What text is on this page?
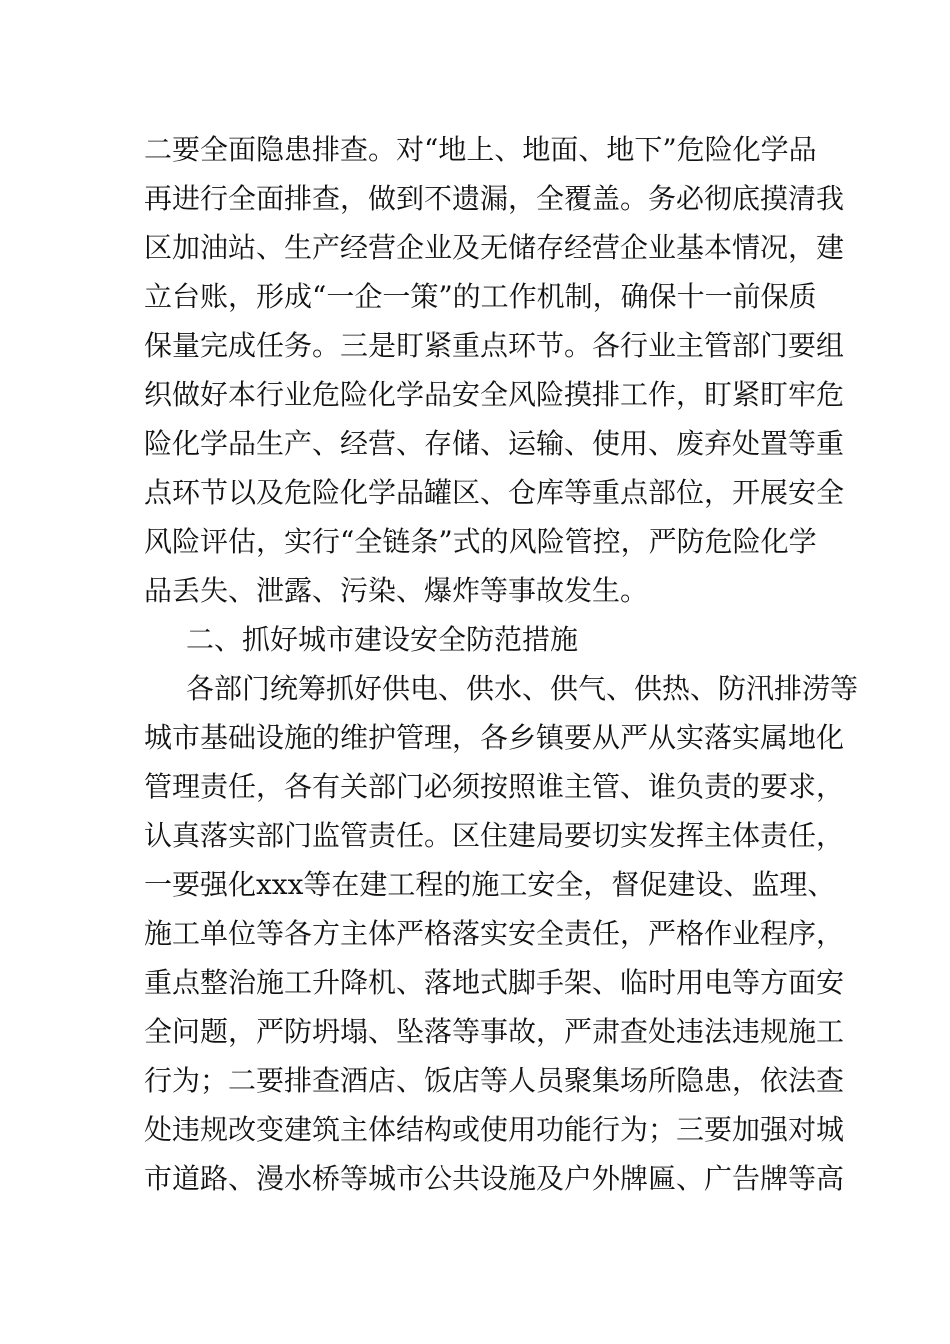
二要全面隐患排查。对“地上、地面、地下”危险化学品
再进行全面排查，做到不遗漏，全覆盖。务必彻底摸清我
区加油站、生产经营企业及无储存经营企业基本情况，建
立台账，形成“一企一策”的工作机制，确保十一前保质
保量完成任务。三是盯紧重点环节。各行业主管部门要组
织做好本行业危险化学品安全风险摸排工作，盯紧盯牢危
险化学品生产、经营、存储、运输、使用、废弃处置等重
点环节以及危险化学品罐区、仓库等重点部位，开展安全
风险评估，实行“全链条”式的风险管控，严防危险化学
品丢失、泄露、污染、爆炸等事故发生。
二、抓好城市建设安全防范措施
各部门统筹抓好供电、供水、供气、供热、防汛排涝等
城市基础设施的维护管理，各乡镇要从严从实落实属地化
管理责任，各有关部门必须按照谁主管、谁负责的要求，
认真落实部门监管责任。区住建局要切实发挥主体责任，
一要强化xxx等在建工程的施工安全，督促建设、监理、
施工单位等各方主体严格落实安全责任，严格作业程序，
重点整治施工升降机、落地式脚手架、临时用电等方面安
全问题，严防坍塌、坠落等事故，严肃查处违法违规施工
行为；二要排查酒店、饭店等人员聚集场所隐患，依法查
处违规改变建筑主体结构或使用功能行为；三要加强对城
市道路、漫水桥等城市公共设施及户外牌匾、广告牌等高
